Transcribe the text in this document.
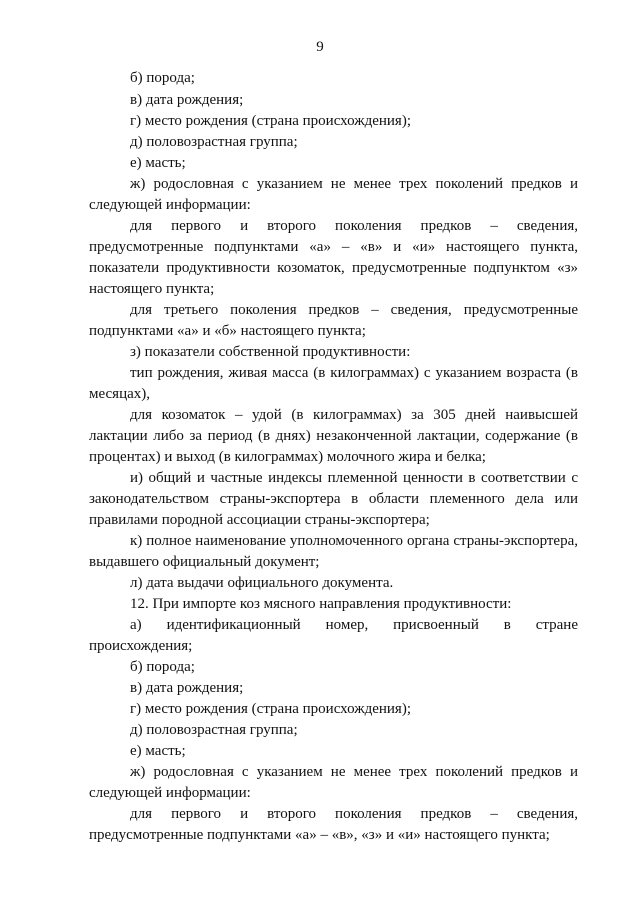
9

б) порода;

в) дата рождения;

г) место рождения (страна происхождения);

д) половозрастная группа;

е) масть;

ж) родословная с указанием не менее трех поколений предков и следующей информации:

для первого и второго поколения предков – сведения, предусмотренные подпунктами «а» – «в» и «и» настоящего пункта, показатели продуктивности козоматок, предусмотренные подпунктом «з» настоящего пункта;

для третьего поколения предков – сведения, предусмотренные подпунктами «а» и «б» настоящего пункта;

з) показатели собственной продуктивности:

тип рождения, живая масса (в килограммах) с указанием возраста (в месяцах),

для козоматок – удой (в килограммах) за 305 дней наивысшей лактации либо за период (в днях) незаконченной лактации, содержание (в процентах) и выход (в килограммах) молочного жира и белка;

и) общий и частные индексы племенной ценности в соответствии с законодательством страны-экспортера в области племенного дела или правилами породной ассоциации страны-экспортера;

к) полное наименование уполномоченного органа страны-экспортера, выдавшего официальный документ;

л) дата выдачи официального документа.

12. При импорте коз мясного направления продуктивности:

а) идентификационный номер, присвоенный в стране происхождения;

б) порода;

в) дата рождения;

г) место рождения (страна происхождения);

д) половозрастная группа;

е) масть;

ж) родословная с указанием не менее трех поколений предков и следующей информации:

для первого и второго поколения предков – сведения, предусмотренные подпунктами «а» – «в», «з» и «и» настоящего пункта;
